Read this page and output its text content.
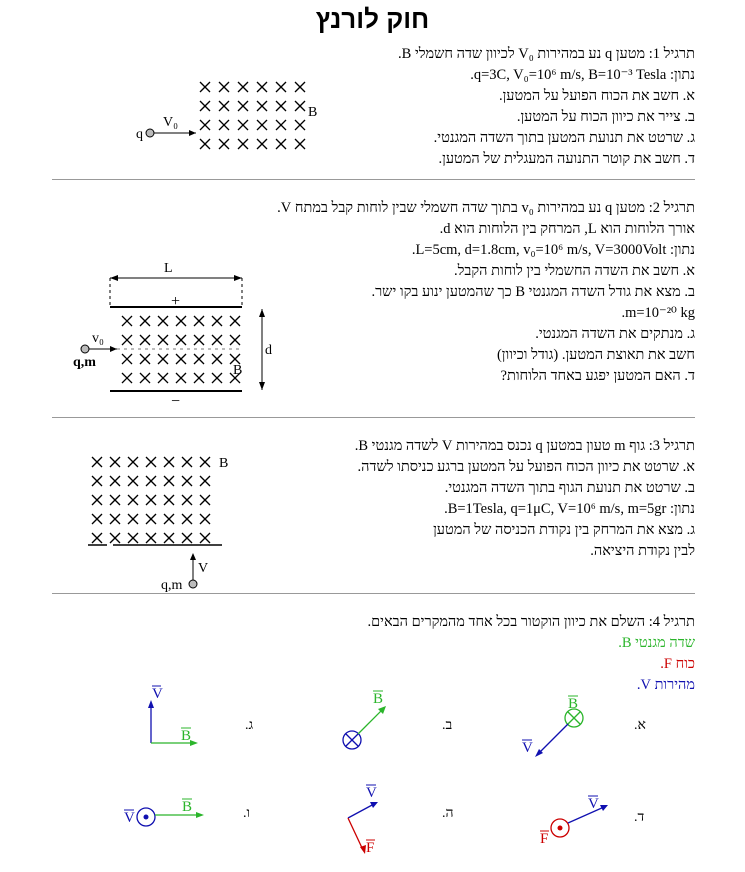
חוק לורנץ
תרגיל 1: מטען q נע במהירות V₀ לכיוון שדה חשמלי B.
נתון: q=3C, V₀=10⁶ m/s, B=10⁻³ Tesla.
א. חשב את הכוח הפועל על המטען.
ב. צייר את כיוון הכוח על המטען.
ג. שרטט את תנועת המטען בתוך השדה המגנטי.
ד. חשב את קוטר התנועה המעגלית של המטען.
q
V₀
B
L
+
−
v₀
q,m
B
d
B
V
q,m
V
B
B	B
V
V
B
V
F
V
F
תרגיל 2: מטען q נע במהירות v₀ בתוך שדה חשמלי שבין לוחות קבל במתח V.
אורך הלוחות הוא L, המרחק בין הלוחות הוא d.
נתון: L=5cm, d=1.8cm, v₀=10⁶ m/s, V=3000Volt.
א. חשב את השדה החשמלי בין לוחות הקבל.
ב. מצא את גודל השדה המגנטי B כך שהמטען ינוע בקו ישר.
m=10⁻²⁰ kg.
ג. מנתקים את השדה המגנטי.
חשב את תאוצת המטען. (גודל וכיוון)
ד. האם המטען יפגע באחד הלוחות?
תרגיל 3: גוף m טעון במטען q נכנס במהירות V לשדה מגנטי B.
א. שרטט את כיוון הכוח הפועל על המטען ברגע כניסתו לשדה.
ב. שרטט את תנועת הגוף בתוך השדה המגנטי.
נתון: B=1Tesla, q=1μC, V=10⁶ m/s, m=5gr.
ג. מצא את המרחק בין נקודת הכניסה של המטען
לבין נקודת היציאה.
תרגיל 4: השלם את כיוון הוקטור בכל אחד מהמקרים הבאים.
שדה מגנטי B.
כוח F.
מהירות V.
א.
ב.
ג.
ד.
ה.
ו.
